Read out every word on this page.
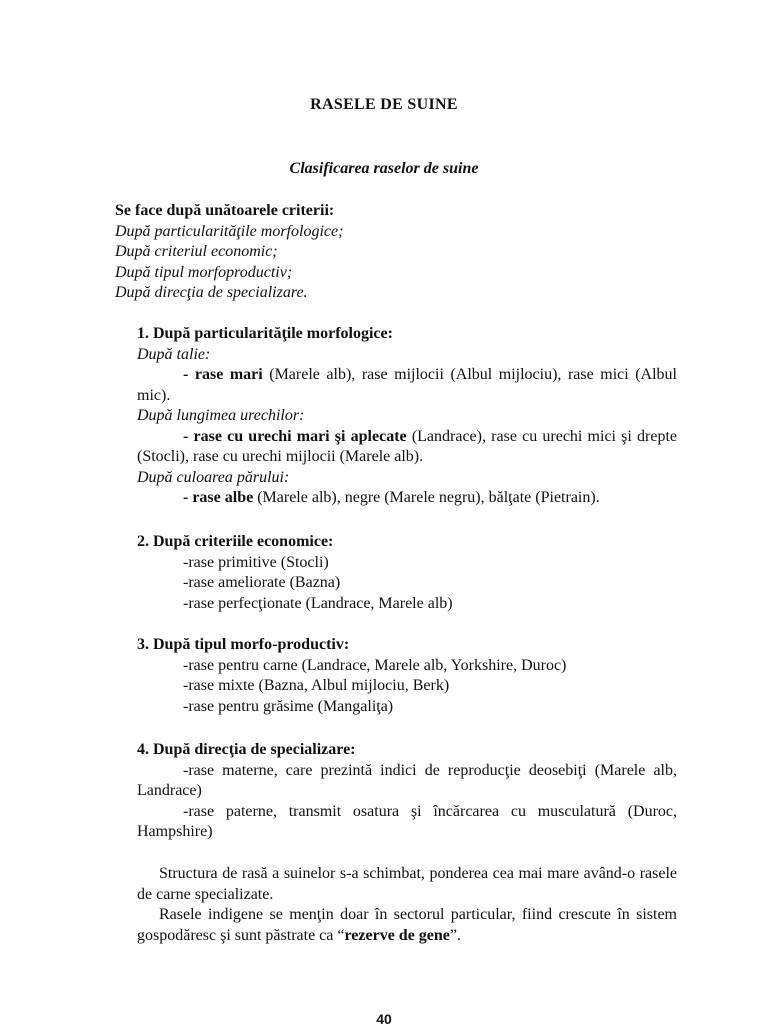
RASELE DE SUINE
Clasificarea raselor de suine
Se face după unătoarele criterii:
După particularităţile morfologice;
După criteriul economic;
După tipul morfoproductiv;
După direcţia de specializare.
1. După particularităţile morfologice:
După talie:
- rase mari (Marele alb), rase mijlocii (Albul mijlociu), rase mici (Albul mic).
După lungimea urechilor:
- rase cu urechi mari şi aplecate (Landrace), rase cu urechi mici şi drepte (Stocli), rase cu urechi mijlocii (Marele alb).
După culoarea părului:
- rase albe (Marele alb), negre (Marele negru), bălţate (Pietrain).
2. După criteriile economice:
-rase primitive (Stocli)
-rase ameliorate (Bazna)
-rase perfecţionate (Landrace, Marele alb)
3. După tipul morfo-productiv:
-rase pentru carne (Landrace, Marele alb, Yorkshire, Duroc)
-rase mixte (Bazna, Albul mijlociu, Berk)
-rase pentru grăsime (Mangaliţa)
4. După direcţia de specializare:
-rase materne, care prezintă indici de reproducţie deosebiţi (Marele alb, Landrace)
-rase paterne, transmit osatura şi încărcarea cu musculatură (Duroc, Hampshire)

Structura de rasă a suinelor s-a schimbat, ponderea cea mai mare având-o rasele de carne specializate.

Rasele indigene se menţin doar în sectorul particular, fiind crescute în sistem gospodăresc şi sunt păstrate ca “rezerve de gene”.

40
